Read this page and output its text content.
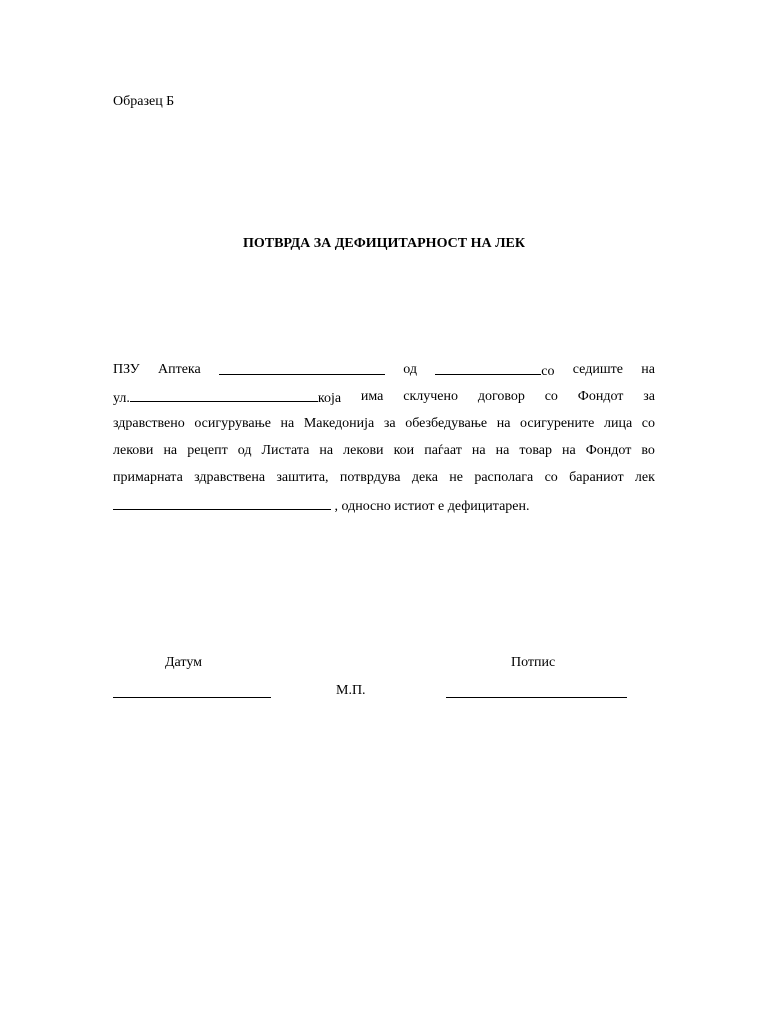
Образец Б
ПОТВРДА ЗА ДЕФИЦИТАРНОСТ НА ЛЕК
ПЗУ Аптека	од	со седиште на
ул.	која има склучено договор со Фондот за
здравствено осигурување на Македонија за обезбедување на осигурените лица со
лекови на рецепт од Листата на лекови кои паѓаат на на товар на Фондот во
примарната здравствена заштита, потврдува дека не располага со бараниот лек
, односно истиот е дефицитарен.
Датум	Потпис
М.П.
